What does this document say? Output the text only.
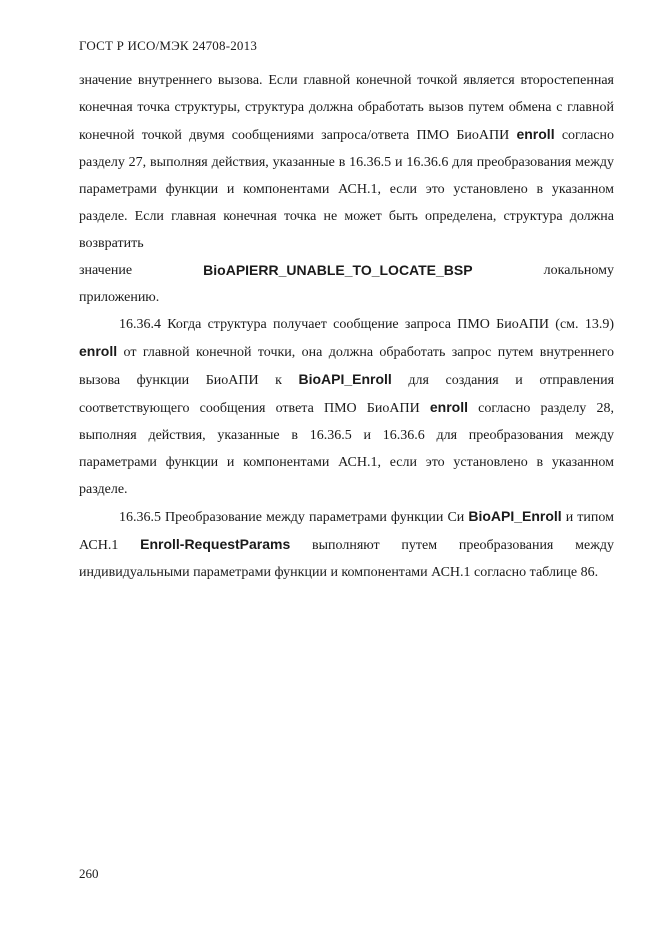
ГОСТ Р ИСО/МЭК 24708-2013

значение внутреннего вызова. Если главной конечной точкой является второстепенная конечная точка структуры, структура должна обработать вызов путем обмена с главной конечной точкой двумя сообщениями запроса/ответа ПМО БиоАПИ enroll согласно разделу 27, выполняя действия, указанные в 16.36.5 и 16.36.6 для преобразования между параметрами функции и компонентами АСН.1, если это установлено в указанном разделе. Если главная конечная точка не может быть определена, структура должна возвратить

значение	BioAPIERR_UNABLE_TO_LOCATE_BSP	локальному

приложению.

16.36.4 Когда структура получает сообщение запроса ПМО БиоАПИ (см. 13.9) enroll от главной конечной точки, она должна обработать запрос путем внутреннего вызова функции БиоАПИ к BioAPI_Enroll для создания и отправления соответствующего сообщения ответа ПМО БиоАПИ enroll согласно разделу 28, выполняя действия, указанные в 16.36.5 и 16.36.6 для преобразования между параметрами функции и компонентами АСН.1, если это установлено в указанном разделе.

16.36.5 Преобразование между параметрами функции Си BioAPI_Enroll и типом АСН.1 Enroll-RequestParams выполняют путем преобразования между индивидуальными параметрами функции и компонентами АСН.1 согласно таблице 86.

260
